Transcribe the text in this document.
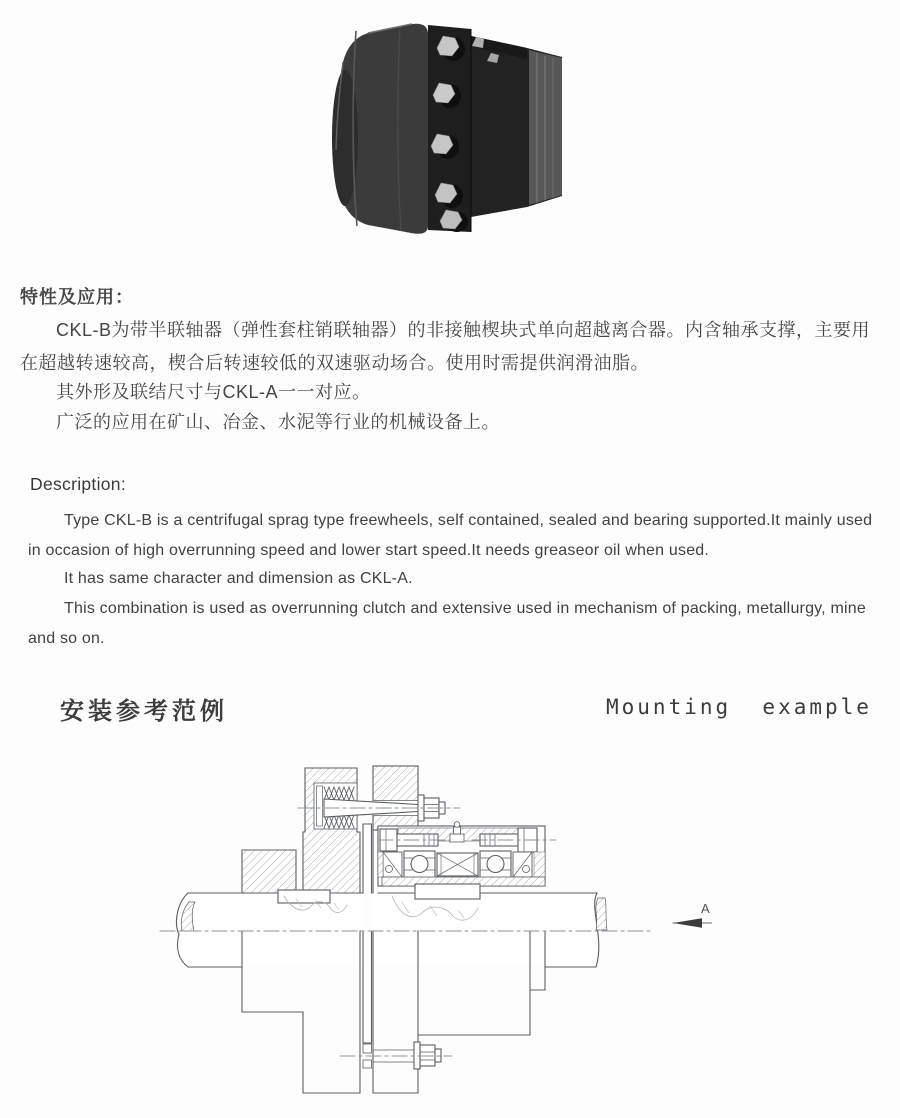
特性及应用：
CKL-B为带半联轴器（弹性套柱销联轴器）的非接触楔块式单向超越离合器。内含轴承支撑，主要用在超越转速较高，楔合后转速较低的双速驱动场合。使用时需提供润滑油脂。
其外形及联结尺寸与CKL-A一一对应。
广泛的应用在矿山、冶金、水泥等行业的机械设备上。
Description:
Type CKL-B is a centrifugal sprag type freewheels, self contained, sealed and bearing supported.It mainly used in occasion of high overrunning speed and lower start speed.It needs greaseor oil when used.
It has same character and dimension as CKL-A.
This combination is used as overrunning clutch and extensive used in mechanism of packing, metallurgy, mine and so on.
安装参考范例	Mounting  example
A
